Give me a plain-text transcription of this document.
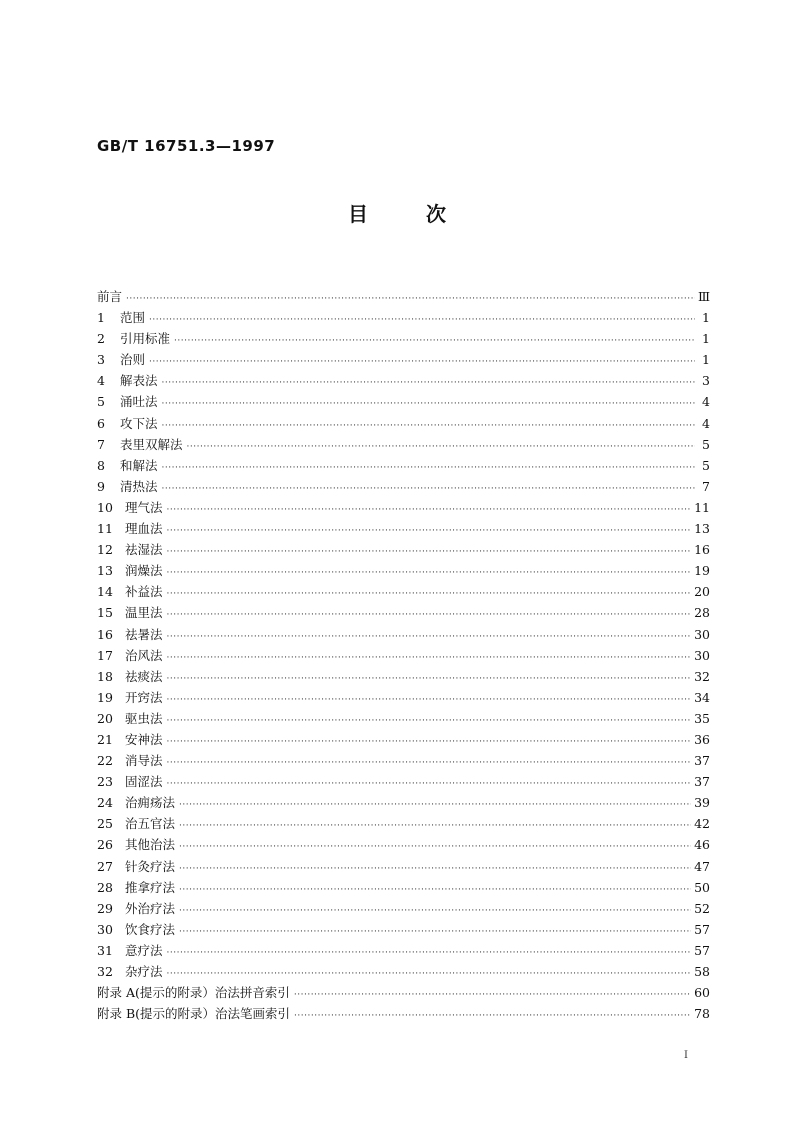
GB/T 16751.3—1997
目次
前言 ·····	Ⅲ
1	范围 ·····	1
2	引用标准 ·····	1
3	治则 ·····	1
4	解表法 ·····	3
5	涌吐法 ·····	4
6	攻下法 ·····	4
7	表里双解法 ·····	5
8	和解法 ·····	5
9	清热法 ·····	7
10 理气法 ·····	11
11 理血法 ·····	13
12 祛湿法 ·····	16
13 润燥法 ·····	19
14 补益法 ·····	20
15 温里法 ·····	28
16 祛暑法 ·····	30
17 治风法 ·····	30
18 祛痰法 ·····	32
19 开窍法 ·····	34
20 驱虫法 ·····	35
21 安神法 ·····	36
22 消导法 ·····	37
23 固涩法 ·····	37
24 治痈疡法 ·····	39
25 治五官法 ·····	42
26 其他治法 ·····	46
27 针灸疗法 ·····	47
28 推拿疗法 ·····	50
29 外治疗法 ·····	52
30 饮食疗法 ·····	57
31 意疗法 ·····	57
32 杂疗法 ·····	58
附录 A(提示的附录）治法拼音索引 ·····	60
附录 B(提示的附录）治法笔画索引 ·····	78
I
